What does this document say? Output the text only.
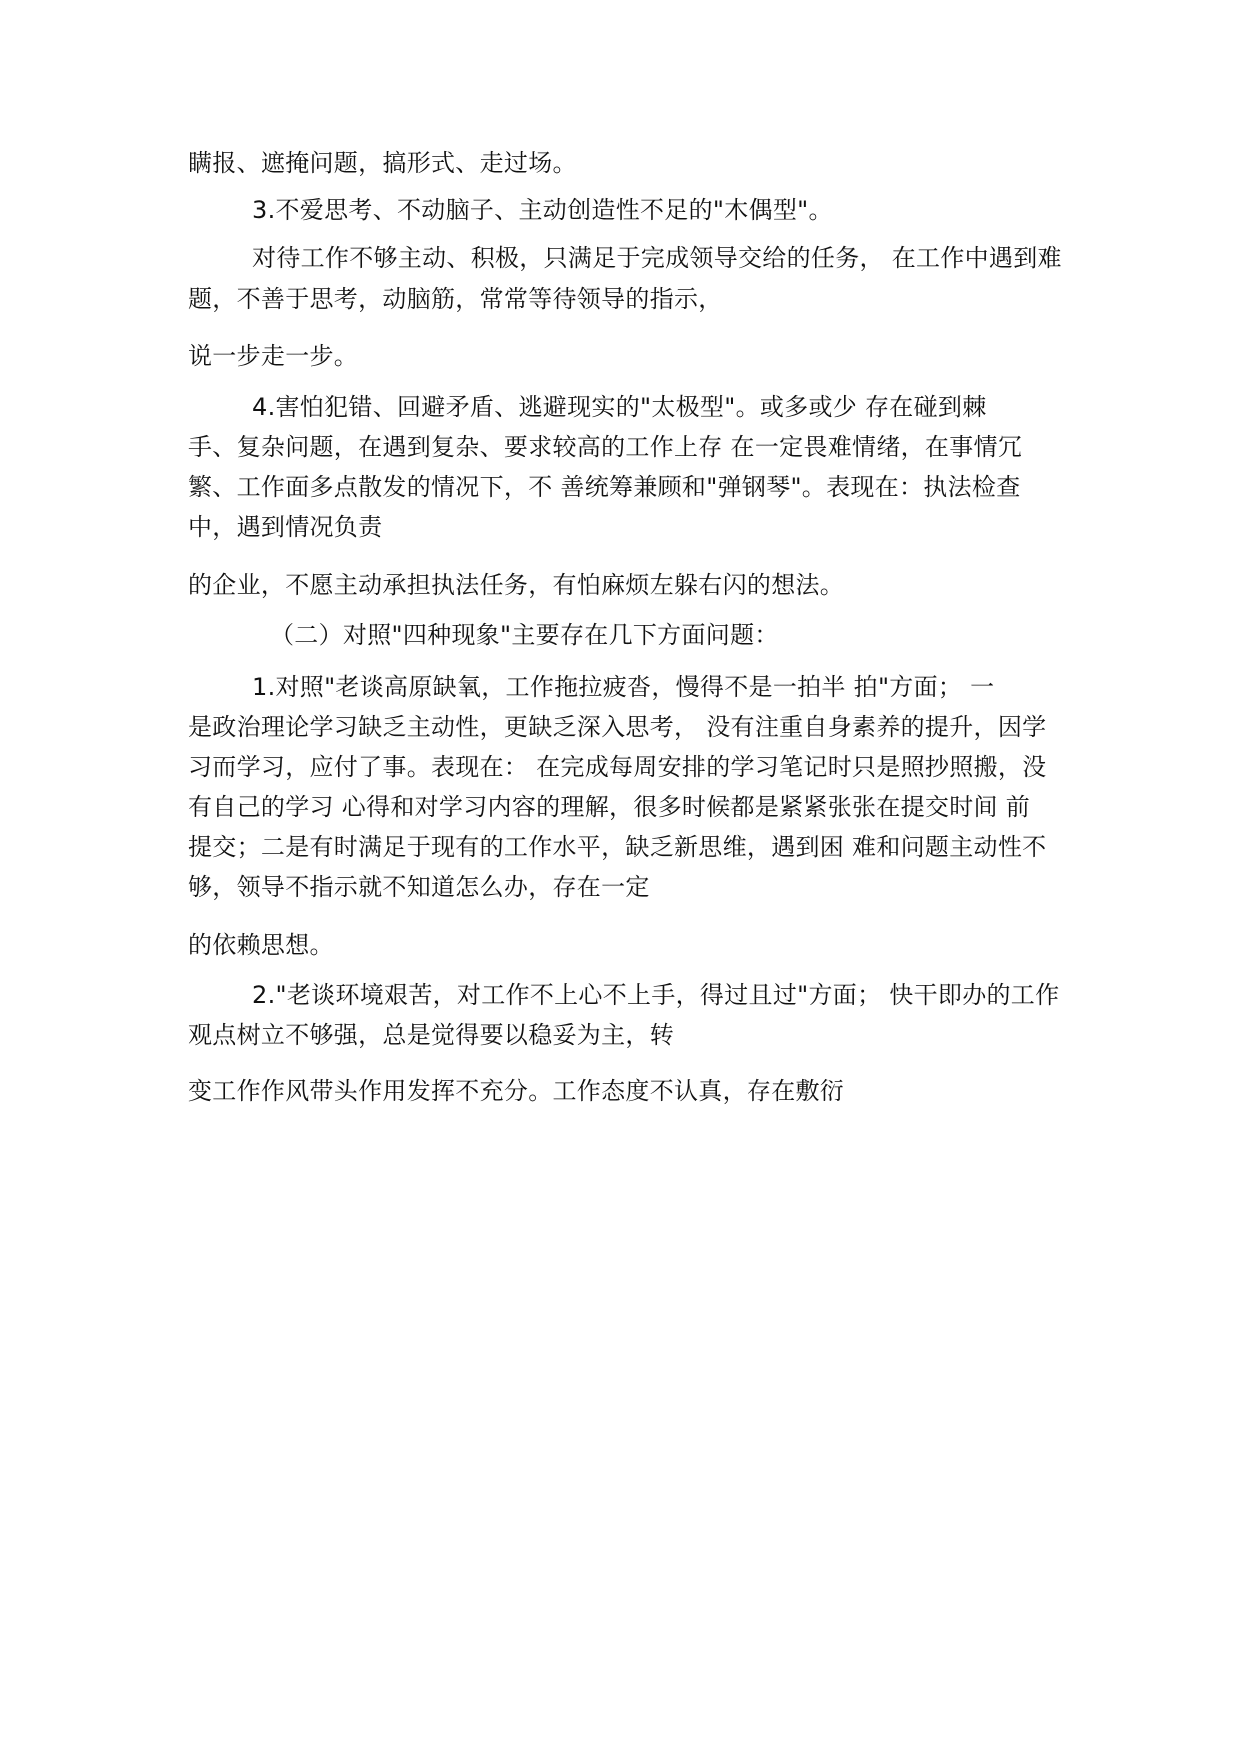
瞒报、遮掩问题，搞形式、走过场。
3.不爱思考、不动脑子、主动创造性不足的"木偶型"。
对待工作不够主动、积极，只满足于完成领导交给的任务， 在工作中遇到难
题，不善于思考，动脑筋，常常等待领导的指示，
说一步走一步。
4.害怕犯错、回避矛盾、逃避现实的"太极型"。或多或少 存在碰到棘
手、复杂问题，在遇到复杂、要求较高的工作上存 在一定畏难情绪，在事情冗
繁、工作面多点散发的情况下，不 善统筹兼顾和"弹钢琴"。表现在：执法检查
中，遇到情况负责
的企业，不愿主动承担执法任务，有怕麻烦左躲右闪的想法。
（二）对照"四种现象"主要存在几下方面问题：
1.对照"老谈高原缺氧，工作拖拉疲沓，慢得不是一拍半 拍"方面； 一
是政治理论学习缺乏主动性，更缺乏深入思考， 没有注重自身素养的提升，因学
习而学习，应付了事。表现在： 在完成每周安排的学习笔记时只是照抄照搬，没
有自己的学习 心得和对学习内容的理解，很多时候都是紧紧张张在提交时间 前
提交；二是有时满足于现有的工作水平，缺乏新思维，遇到困 难和问题主动性不
够，领导不指示就不知道怎么办，存在一定
的依赖思想。
2."老谈环境艰苦，对工作不上心不上手，得过且过"方面； 快干即办的工作
观点树立不够强，总是觉得要以稳妥为主，转
变工作作风带头作用发挥不充分。工作态度不认真，存在敷衍
